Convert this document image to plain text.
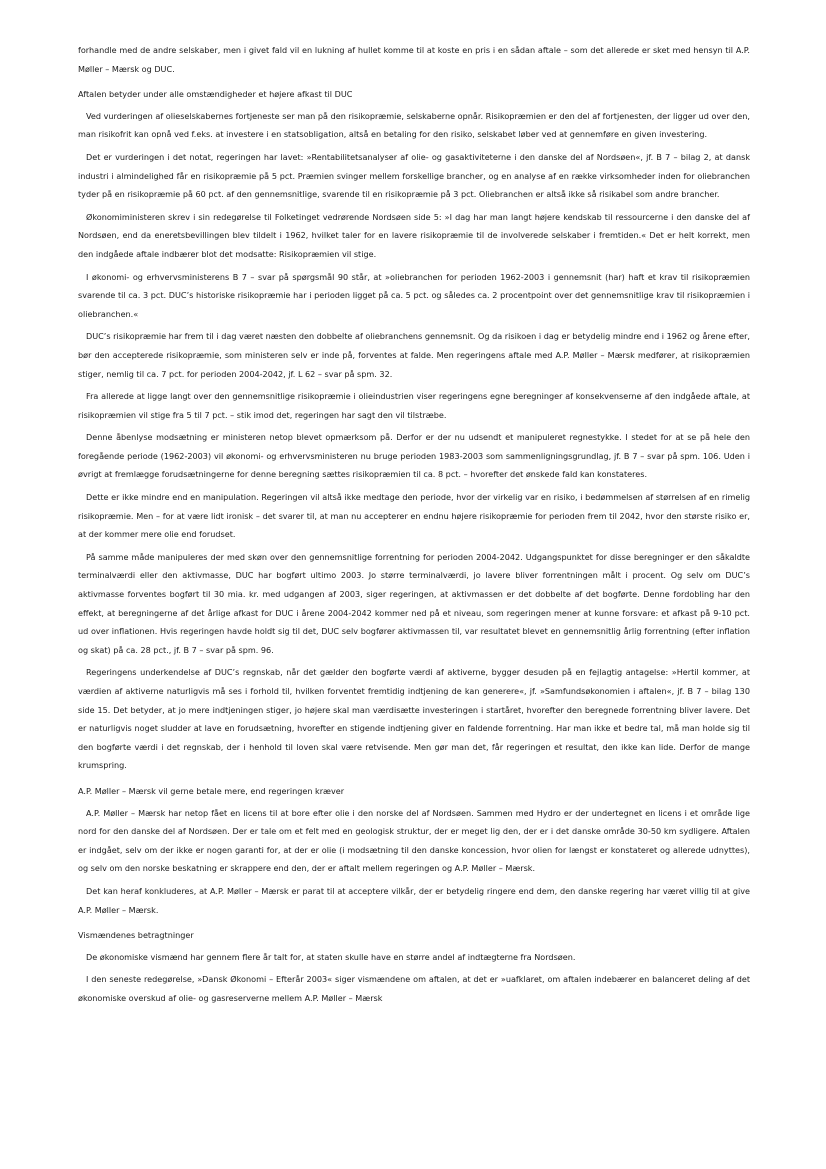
forhandle med de andre selskaber, men i givet fald vil en lukning af hullet komme til at koste en pris i en sådan aftale – som det allerede er sket med hensyn til A.P. Møller – Mærsk og DUC.

Aftalen betyder under alle omstændigheder et højere afkast til DUC

Ved vurderingen af olieselskabernes fortjeneste ser man på den risikopræmie, selskaberne opnår. Risikopræmien er den del af fortjenesten, der ligger ud over den, man risikofrit kan opnå ved f.eks. at investere i en statsobligation, altså en betaling for den risiko, selskabet løber ved at gennemføre en given investering.

Det er vurderingen i det notat, regeringen har lavet: »Rentabilitetsanalyser af olie- og gasaktiviteterne i den danske del af Nordsøen«, jf. B 7 – bilag 2, at dansk industri i almindelighed får en risikopræmie på 5 pct. Præmien svinger mellem forskellige brancher, og en analyse af en række virksomheder inden for oliebranchen tyder på en risikopræmie på 60 pct. af den gennemsnitlige, svarende til en risikopræmie på 3 pct. Oliebranchen er altså ikke så risikabel som andre brancher.

Økonomiministeren skrev i sin redegørelse til Folketinget vedrørende Nordsøen side 5: »I dag har man langt højere kendskab til ressourcerne i den danske del af Nordsøen, end da eneretsbevillingen blev tildelt i 1962, hvilket taler for en lavere risikopræmie til de involverede selskaber i fremtiden.« Det er helt korrekt, men den indgåede aftale indbærer blot det modsatte: Risikopræmien vil stige.

I økonomi- og erhvervsministerens B 7 – svar på spørgsmål 90 står, at »oliebranchen for perioden 1962-2003 i gennemsnit (har) haft et krav til risikopræmien svarende til ca. 3 pct. DUC’s historiske risikopræmie har i perioden ligget på ca. 5 pct. og således ca. 2 procentpoint over det gennemsnitlige krav til risikopræmien i oliebranchen.«

DUC’s risikopræmie har frem til i dag været næsten den dobbelte af oliebranchens gennemsnit. Og da risikoen i dag er betydelig mindre end i 1962 og årene efter, bør den accepterede risikopræmie, som ministeren selv er inde på, forventes at falde. Men regeringens aftale med A.P. Møller – Mærsk medfører, at risikopræmien stiger, nemlig til ca. 7 pct. for perioden 2004-2042, jf. L 62 – svar på spm. 32.

Fra allerede at ligge langt over den gennemsnitlige risikopræmie i olieindustrien viser regeringens egne beregninger af konsekvenserne af den indgåede aftale, at risikopræmien vil stige fra 5 til 7 pct. – stik imod det, regeringen har sagt den vil tilstræbe.

Denne åbenlyse modsætning er ministeren netop blevet opmærksom på. Derfor er der nu udsendt et manipuleret regnestykke. I stedet for at se på hele den foregående periode (1962-2003) vil økonomi- og erhvervsministeren nu bruge perioden 1983-2003 som sammenligningsgrundlag, jf. B 7 – svar på spm. 106. Uden i øvrigt at fremlægge forudsætningerne for denne beregning sættes risikopræmien til ca. 8 pct. – hvorefter det ønskede fald kan konstateres.

Dette er ikke mindre end en manipulation. Regeringen vil altså ikke medtage den periode, hvor der virkelig var en risiko, i bedømmelsen af størrelsen af en rimelig risikopræmie. Men – for at være lidt ironisk – det svarer til, at man nu accepterer en endnu højere risikopræmie for perioden frem til 2042, hvor den største risiko er, at der kommer mere olie end forudset.

På samme måde manipuleres der med skøn over den gennemsnitlige forrentning for perioden 2004-2042. Udgangspunktet for disse beregninger er den såkaldte terminalværdi eller den aktivmasse, DUC har bogført ultimo 2003. Jo større terminalværdi, jo lavere bliver forrentningen målt i procent. Og selv om DUC’s aktivmasse forventes bogført til 30 mia. kr. med udgangen af 2003, siger regeringen, at aktivmassen er det dobbelte af det bogførte. Denne fordobling har den effekt, at beregningerne af det årlige afkast for DUC i årene 2004-2042 kommer ned på et niveau, som regeringen mener at kunne forsvare: et afkast på 9-10 pct. ud over inflationen. Hvis regeringen havde holdt sig til det, DUC selv bogfører aktivmassen til, var resultatet blevet en gennemsnitlig årlig forrentning (efter inflation og skat) på ca. 28 pct., jf. B 7 – svar på spm. 96.

Regeringens underkendelse af DUC’s regnskab, når det gælder den bogførte værdi af aktiverne, bygger desuden på en fejlagtig antagelse: »Hertil kommer, at værdien af aktiverne naturligvis må ses i forhold til, hvilken forventet fremtidig indtjening de kan generere«, jf. »Samfundsøkonomien i aftalen«, jf. B 7 – bilag 130 side 15. Det betyder, at jo mere indtjeningen stiger, jo højere skal man værdisætte investeringen i startåret, hvorefter den beregnede forrentning bliver lavere. Det er naturligvis noget sludder at lave en forudsætning, hvorefter en stigende indtjening giver en faldende forrentning. Har man ikke et bedre tal, må man holde sig til den bogførte værdi i det regnskab, der i henhold til loven skal være retvisende. Men gør man det, får regeringen et resultat, den ikke kan lide. Derfor de mange krumspring.

A.P. Møller – Mærsk vil gerne betale mere, end regeringen kræver

A.P. Møller – Mærsk har netop fået en licens til at bore efter olie i den norske del af Nordsøen. Sammen med Hydro er der undertegnet en licens i et område lige nord for den danske del af Nordsøen. Der er tale om et felt med en geologisk struktur, der er meget lig den, der er i det danske område 30-50 km sydligere. Aftalen er indgået, selv om der ikke er nogen garanti for, at der er olie (i modsætning til den danske koncession, hvor olien for længst er konstateret og allerede udnyttes), og selv om den norske beskatning er skrappere end den, der er aftalt mellem regeringen og A.P. Møller – Mærsk.

Det kan heraf konkluderes, at A.P. Møller – Mærsk er parat til at acceptere vilkår, der er betydelig ringere end dem, den danske regering har været villig til at give A.P. Møller – Mærsk.

Vismændenes betragtninger

De økonomiske vismænd har gennem flere år talt for, at staten skulle have en større andel af indtægterne fra Nordsøen.

I den seneste redegørelse, »Dansk Økonomi – Efterår 2003« siger vismændene om aftalen, at det er »uafklaret, om aftalen indebærer en balanceret deling af det økonomiske overskud af olie- og gasreserverne mellem A.P. Møller – Mærsk
